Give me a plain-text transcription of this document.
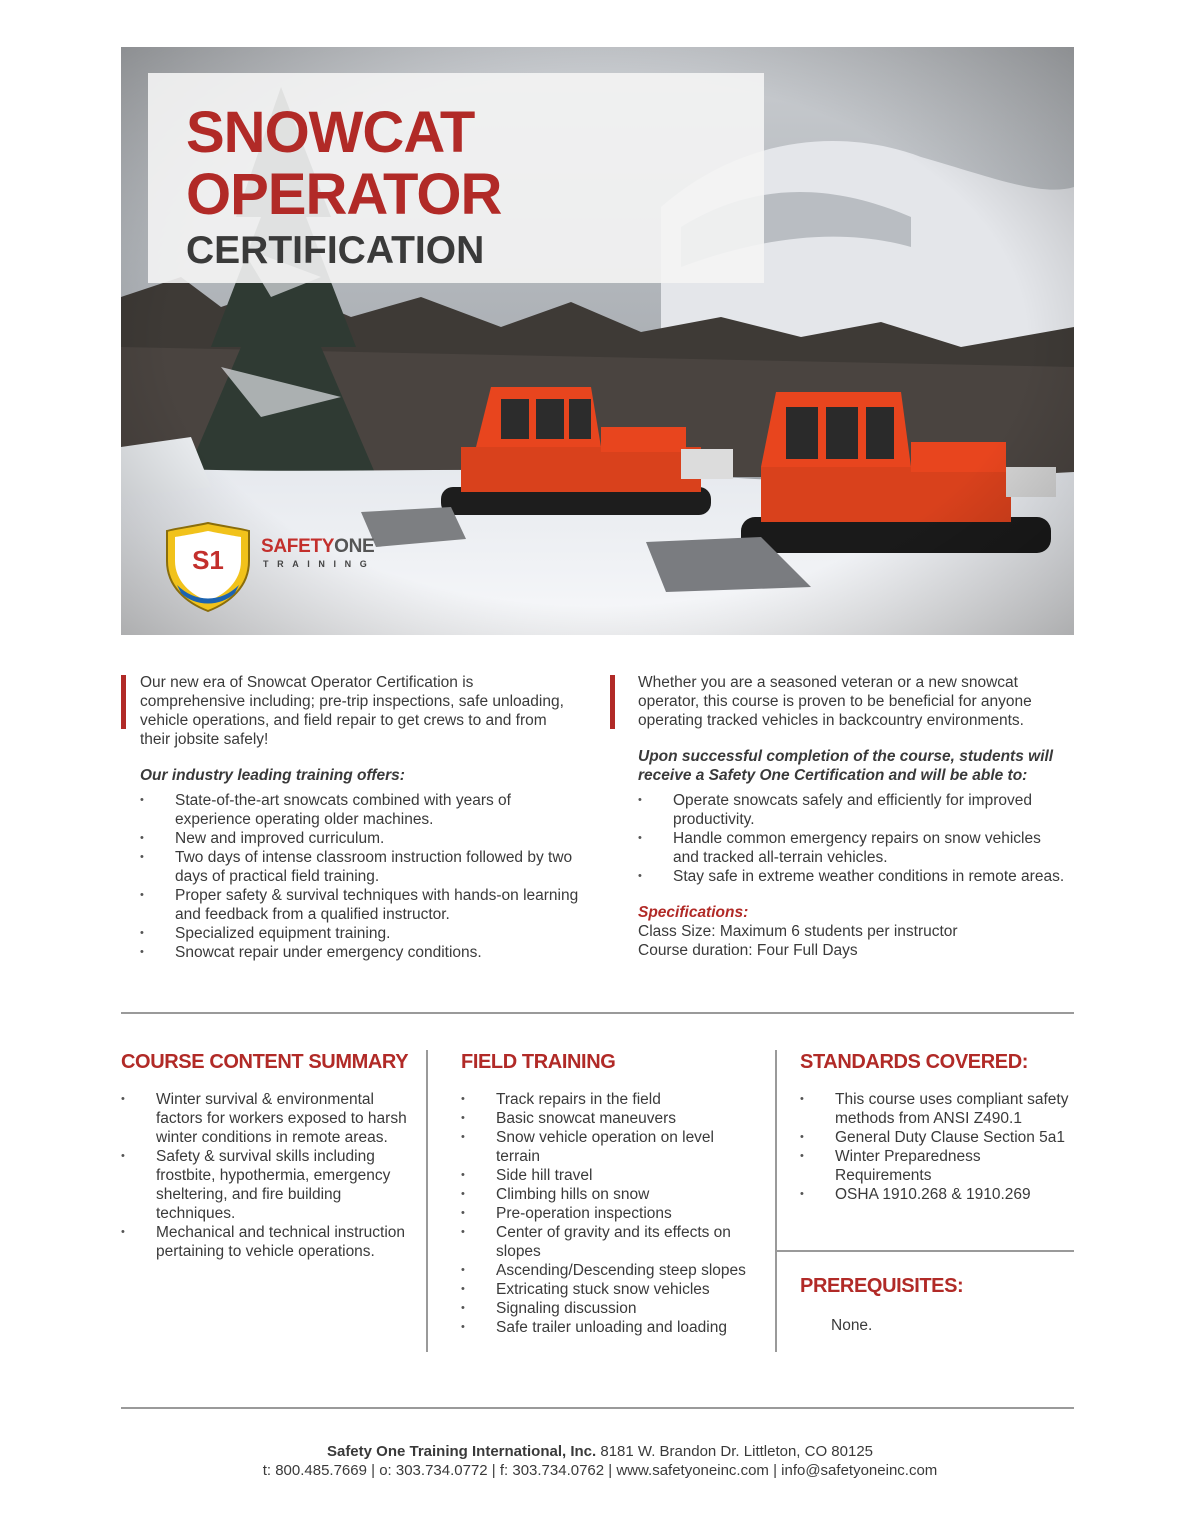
SNOWCAT
OPERATOR
CERTIFICATION
S1 SAFETYONE
TRAINING

Our new era of Snowcat Operator Certification is comprehensive including; pre-trip inspections, safe unloading, vehicle operations, and field repair to get crews to and from their jobsite safely!

Our industry leading training offers:

• State-of-the-art snowcats combined with years of experience operating older machines.
• New and improved curriculum.
• Two days of intense classroom instruction followed by two days of practical field training.
• Proper safety & survival techniques with hands-on learning and feedback from a qualified instructor.
• Specialized equipment training.
• Snowcat repair under emergency conditions.

Whether you are a seasoned veteran or a new snowcat operator, this course is proven to be beneficial for anyone operating tracked vehicles in backcountry environments.

Upon successful completion of the course, students will receive a Safety One Certification and will be able to:

• Operate snowcats safely and efficiently for improved productivity.
• Handle common emergency repairs on snow vehicles and tracked all-terrain vehicles.
• Stay safe in extreme weather conditions in remote areas.

Specifications:

Class Size: Maximum 6 students per instructor

Course duration: Four Full Days

COURSE CONTENT SUMMARY
• Winter survival & environmental factors for workers exposed to harsh winter conditions in remote areas.
• Safety & survival skills including frostbite, hypothermia, emergency sheltering, and fire building techniques.
• Mechanical and technical instruction pertaining to vehicle operations.
FIELD TRAINING
• Track repairs in the field
• Basic snowcat maneuvers
• Snow vehicle operation on level terrain
• Side hill travel
• Climbing hills on snow
• Pre-operation inspections
• Center of gravity and its effects on slopes
• Ascending/Descending steep slopes
• Extricating stuck snow vehicles
• Signaling discussion
• Safe trailer unloading and loading
STANDARDS COVERED:
• This course uses compliant safety methods from ANSI Z490.1
• General Duty Clause Section 5a1
• Winter Preparedness Requirements
• OSHA 1910.268 & 1910.269
PREREQUISITES:

None.

Safety One Training International, Inc. 8181 W. Brandon Dr. Littleton, CO 80125
t: 800.485.7669 | o: 303.734.0772 | f: 303.734.0762 | www.safetyoneinc.com | info@safetyoneinc.com
